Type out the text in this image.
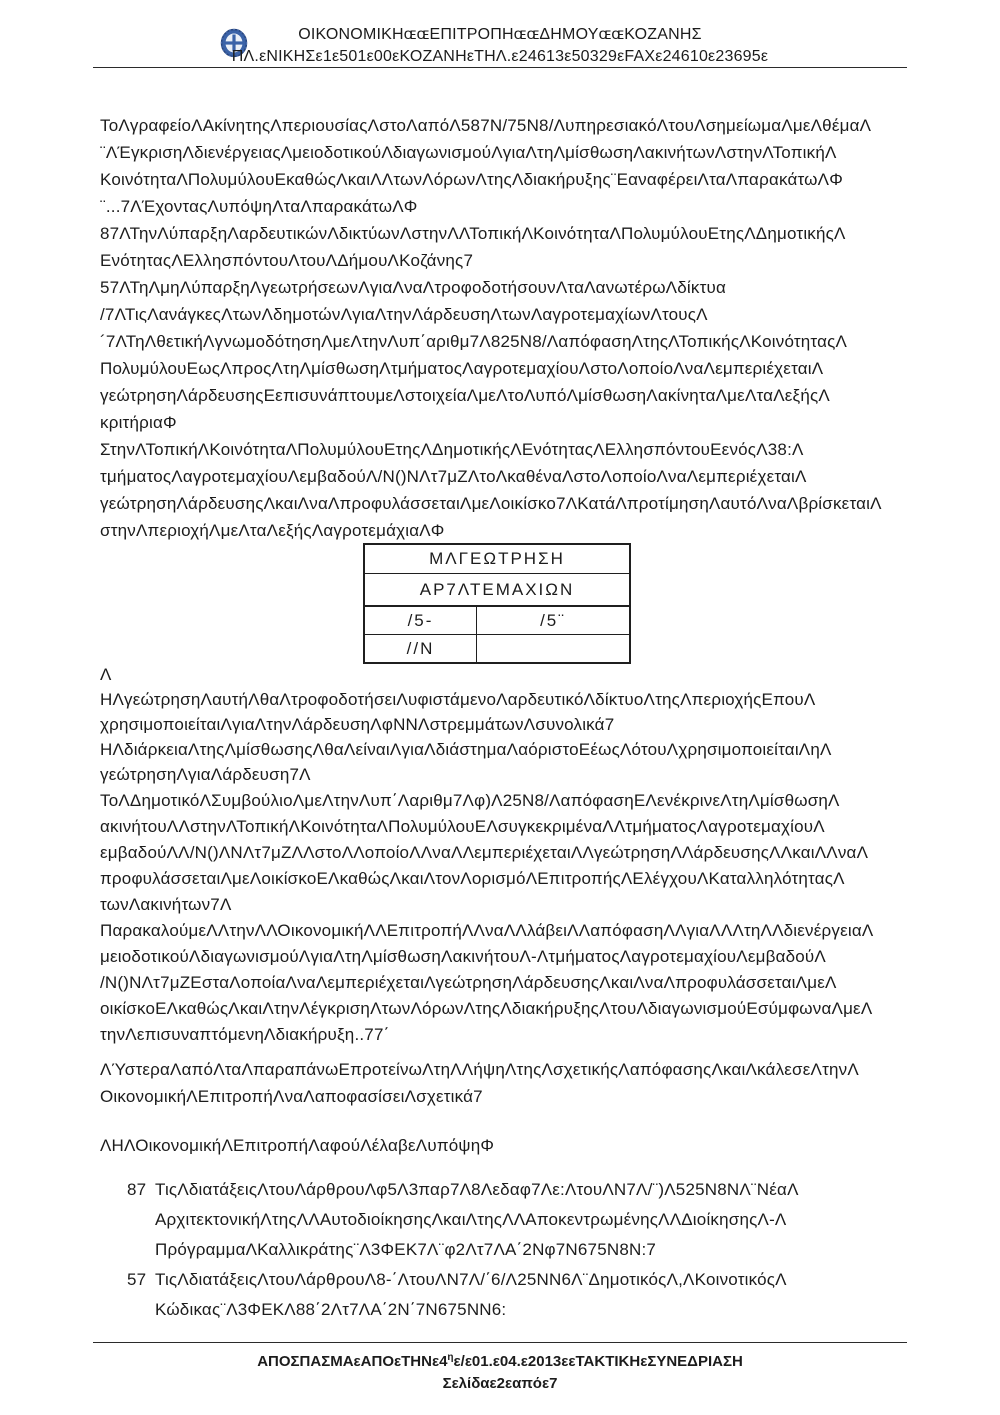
ΟΙΚΟΝΟΜΙΚΗɶɶΕΠΙΤΡΟΠΗɶɶΔΗΜΟΥɶɶΚΟΖΑΝΗΣ
ΠΛ.εΝΙΚΗΣε1ε501ε00εΚΟΖΑΝΗεΤΗΛ.ε24613ε50329εFAXε24610ε23695ε
ΤοΛγραφείοΛΑκίνητηςΛπεριουσίαςΛστοΛαπόΛ587Ν/75Ν8/ΛυπηρεσιακόΛτουΛσημείωμαΛμεΛθέμαΛ
¨ΛΈγκρισηΛδιενέργειαςΛμειοδοτικούΛδιαγωνισμούΛγιαΛτηΛμίσθωσηΛακινήτωνΛστηνΛΤοπικήΛ
ΚοινότηταΛΠολυμύλουΕκαθώςΛκαιΛΛτωνΛόρωνΛτηςΛδιακήρυξης¨ΕαναφέρειΛταΛπαρακάτωΛΦ
¨...7ΛΈχονταςΛυπόψηΛταΛπαρακάτωΛΦ
87ΛΤηνΛύπαρξηΛαρδευτικώνΛδικτύωνΛστηνΛΛΤοπικήΛΚοινότηταΛΠολυμύλουΕτηςΛΔημοτικήςΛ
ΕνότηταςΛΕλλησπόντουΛτουΛΔήμουΛΚοζάνης7
57ΛΤηΛμηΛύπαρξηΛγεωτρήσεωνΛγιαΛναΛτροφοδοτήσουνΛταΛανωτέρωΛδίκτυα
/7ΛΤιςΛανάγκεςΛτωνΛδημοτώνΛγιαΛτηνΛάρδευσηΛτωνΛαγροτεμαχίωνΛτουςΛ
´7ΛΤηΛθετικήΛγνωμοδότησηΛμεΛτηνΛυπ΄αριθμ7Λ825Ν8/ΛαπόφασηΛτηςΛΤοπικήςΛΚοινότηταςΛ
ΠολυμύλουΕωςΛπροςΛτηΛμίσθωσηΛτμήματοςΛαγροτεμαχίουΛστοΛοποίοΛναΛεμπεριέχεταιΛ
γεώτρησηΛάρδευσηςΕεπισυνάπτουμεΛστοιχείαΛμεΛτοΛυπόΛμίσθωσηΛακίνηταΛμεΛταΛεξήςΛ
κριτήριαΦ
ΣτηνΛΤοπικήΛΚοινότηταΛΠολυμύλουΕτηςΛΔημοτικήςΛΕνότηταςΛΕλλησπόντουΕενόςΛ38:Λ
τμήματοςΛαγροτεμαχίουΛεμβαδούΛ/Ν()ΝΛτ7μΖΛτοΛκαθέναΛστοΛοποίοΛναΛεμπεριέχεταιΛ
γεώτρησηΛάρδευσηςΛκαιΛναΛπροφυλάσσεταιΛμεΛοικίσκο7ΛΚατάΛπροτίμησηΛαυτόΛναΛβρίσκεταιΛ
στηνΛπεριοχήΛμεΛταΛεξήςΛαγροτεμάχιαΛΦ
ΜΛΓΕΩΤΡΗΣΗ
ΑΡ7ΛΤΕΜΑΧΙΩΝ
/5-	/5¨
//Ν
Λ
ΗΛγεώτρησηΛαυτήΛθαΛτροφοδοτήσειΛυφιστάμενοΛαρδευτικόΛδίκτυοΛτηςΛπεριοχήςΕπουΛ
χρησιμοποιείταιΛγιαΛτηνΛάρδευσηΛφΝΝΛστρεμμάτωνΛσυνολικά7
ΗΛδιάρκειαΛτηςΛμίσθωσηςΛθαΛείναιΛγιαΛδιάστημαΛαόριστοΕέωςΛότουΛχρησιμοποιείταιΛηΛ
γεώτρησηΛγιαΛάρδευση7Λ
ΤοΛΔημοτικόΛΣυμβούλιοΛμεΛτηνΛυπ΄Λαριθμ7Λφ)Λ25Ν8/ΛαπόφασηΕΛενέκρινεΛτηΛμίσθωσηΛ
ακινήτουΛΛστηνΛΤοπικήΛΚοινότηταΛΠολυμύλουΕΛσυγκεκριμέναΛΛτμήματοςΛαγροτεμαχίουΛ
εμβαδούΛΛ/Ν()ΛΝΛτ7μΖΛΛστοΛΛοποίοΛΛναΛΛεμπεριέχεταιΛΛγεώτρησηΛΛάρδευσηςΛΛκαιΛΛναΛ
προφυλάσσεταιΛμεΛοικίσκοΕΛκαθώςΛκαιΛτονΛορισμόΛΕπιτροπήςΛΕλέγχουΛΚαταλληλότηταςΛ
τωνΛακινήτων7Λ
ΠαρακαλούμεΛΛτηνΛΛΟικονομικήΛΛΕπιτροπήΛΛναΛΛλάβειΛΛαπόφασηΛΛγιαΛΛΛτηΛΛδιενέργειαΛ
μειοδοτικούΛδιαγωνισμούΛγιαΛτηΛμίσθωσηΛακινήτουΛ-ΛτμήματοςΛαγροτεμαχίουΛεμβαδούΛ
/Ν()ΝΛτ7μΖΕσταΛοποίαΛναΛεμπεριέχεταιΛγεώτρησηΛάρδευσηςΛκαιΛναΛπροφυλάσσεταιΛμεΛ
οικίσκοΕΛκαθώςΛκαιΛτηνΛέγκρισηΛτωνΛόρωνΛτηςΛδιακήρυξηςΛτουΛδιαγωνισμούΕσύμφωναΛμεΛ
τηνΛεπισυναπτόμενηΛδιακήρυξη..77΄
ΛΎστεραΛαπόΛταΛπαραπάνωΕπροτείνωΛτηΛΛήψηΛτηςΛσχετικήςΛαπόφασηςΛκαιΛκάλεσεΛτηνΛ
ΟικονομικήΛΕπιτροπήΛναΛαποφασίσειΛσχετικά7
ΛΗΛΟικονομικήΛΕπιτροπήΛαφούΛέλαβεΛυπόψηΦ
87 ΤιςΛδιατάξειςΛτουΛάρθρουΛφ5Λ3παρ7Λ8Λεδαφ7Λε:ΛτουΛΝ7Λ/¨)Λ525Ν8ΝΛ¨ΝέαΛ
ΑρχιτεκτονικήΛτηςΛΛΑυτοδιοίκησηςΛκαιΛτηςΛΛΑποκεντρωμένηςΛΛΔιοίκησηςΛ-Λ
ΠρόγραμμαΛΚαλλικράτης¨Λ3ΦΕΚ7Λ¨φ2Λτ7ΛΑ΄2Νφ7Ν675Ν8Ν:7
57 ΤιςΛδιατάξειςΛτουΛάρθρουΛ8-΄ΛτουΛΝ7Λ/΄6/Λ25ΝΝ6Λ¨ΔημοτικόςΛ,ΛΚοινοτικόςΛ
Κώδικας¨Λ3ΦΕΚΛ88΄2Λτ7ΛΑ΄2Ν΄7Ν675ΝΝ6:
$A\Pi O\Sigma\Pi A\Sigma MA\varepsilon A\Pi O\varepsilon THN\varepsilon 4^\eta\varepsilon/\varepsilon 01.\varepsilon 04.\varepsilon 2013\varepsilon\varepsilon TAKTIKH\varepsilon\Sigma\Upsilon NE\Delta PIA\Sigma H$
Σελίδαε2εαπόε7
